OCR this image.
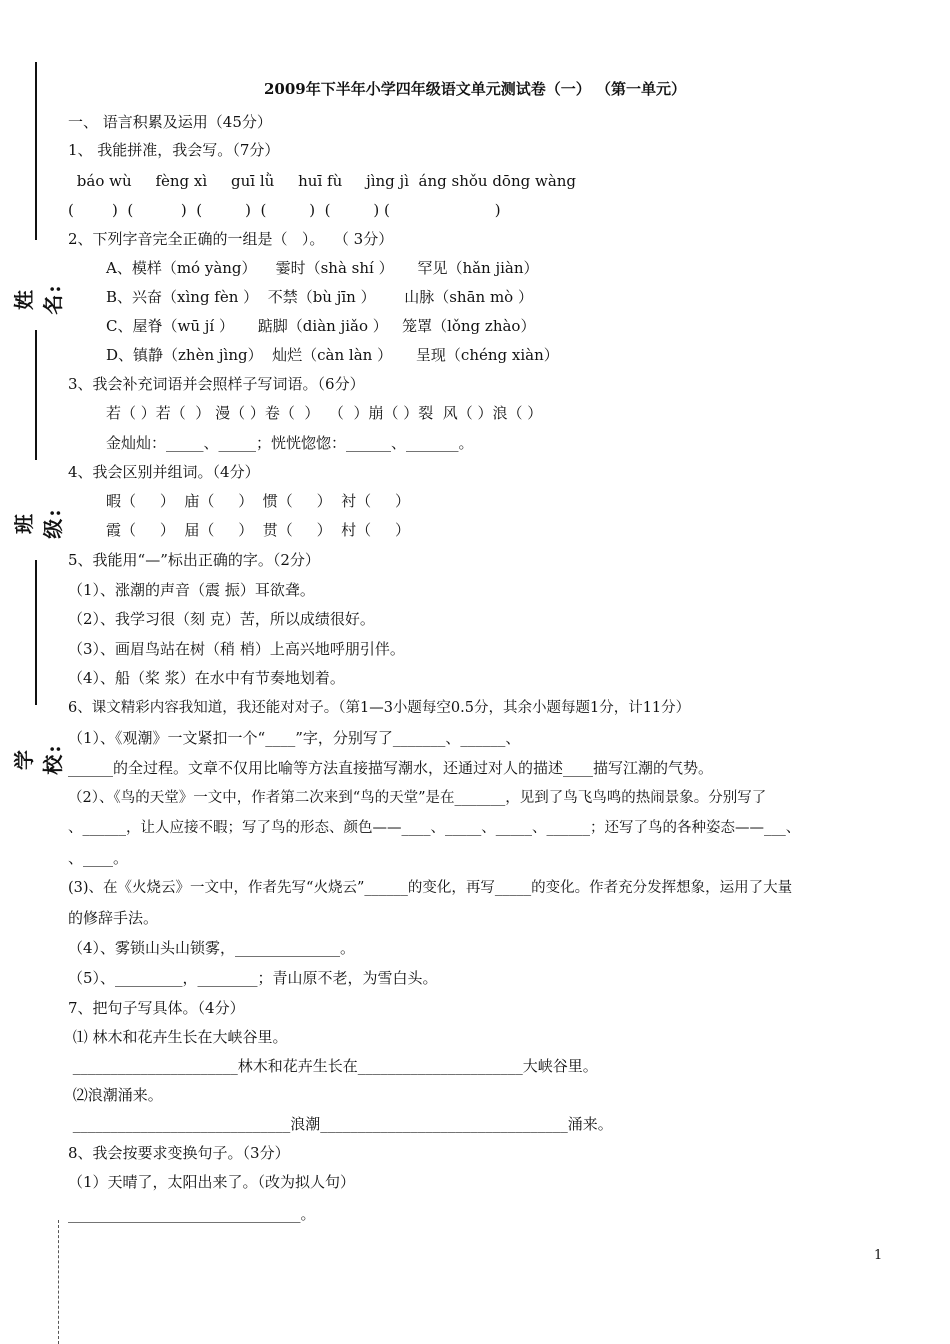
姓名:
班级:
学校:
2009年下半年小学四年级语文单元测试卷（一） （第一单元）
一、 语言积累及运用（45分）
1、 我能拼准，我会写。（7分）
báo wù     fèng xì     guī lǜ     huī fù     jìng jì  áng shǒu dōng wàng
(        )  (          )  (         )  (         )  (         ) (                      )
2、下列字音完全正确的一组是（   ）。  （ 3分）
A、模样（mó yàng）    霎时（shà shí ）     罕见（hǎn jiàn）
B、兴奋（xìng fèn ）  不禁（bù jīn ）      山脉（shān mò ）
C、屋脊（wū jí ）     踮脚（diàn jiǎo ）   笼罩（lǒng zhào）
D、镇静（zhèn jìng）  灿烂（càn làn ）     呈现（chéng xiàn）
3、我会补充词语并会照样子写词语。（6分）
若（ ）若（  ） 漫（ ）卷（  ）  （  ）崩（ ）裂  风（ ）浪（ ）
金灿灿：_____、_____；恍恍惚惚：______、_______。
4、我会区别并组词。（4分）
暇（     ）  庙（     ）  惯（     ）  衬（     ）
霞（     ）  届（     ）  贯（     ）  村（     ）
5、我能用“—”标出正确的字。（2分）
（1）、涨潮的声音（震 振）耳欲聋。
（2）、我学习很（刻 克）苦，所以成绩很好。
（3）、画眉鸟站在树（稍 梢）上高兴地呼朋引伴。
（4）、船（桨 浆）在水中有节奏地划着。
6、课文精彩内容我知道，我还能对对子。（第1—3小题每空0.5分，其余小题每题1分，计11分）
（1）、《观潮》一文紧扣一个“____”字，分别写了_______、______、
______的全过程。文章不仅用比喻等方法直接描写潮水，还通过对人的描述____描写江潮的气势。
（2）、《鸟的天堂》一文中，作者第二次来到“鸟的天堂”是在_______，见到了鸟飞鸟鸣的热闹景象。分别写了
、______，让人应接不暇；写了鸟的形态、颜色——____、_____、_____、______；还写了鸟的各种姿态——___、
、____。
(3)、在《火烧云》一文中，作者先写“火烧云”______的变化，再写_____的变化。作者充分发挥想象，运用了大量
的修辞手法。
（4）、雾锁山头山锁雾，______________。
（5）、_________，________；青山原不老，为雪白头。
7、把句子写具体。（4分）
⑴ 林木和花卉生长在大峡谷里。
______________________林木和花卉生长在______________________大峡谷里。
⑵浪潮涌来。
_____________________________浪潮_________________________________涌来。
8、我会按要求变换句子。（3分）
（1）天晴了，太阳出来了。（改为拟人句）
_______________________________。
1
